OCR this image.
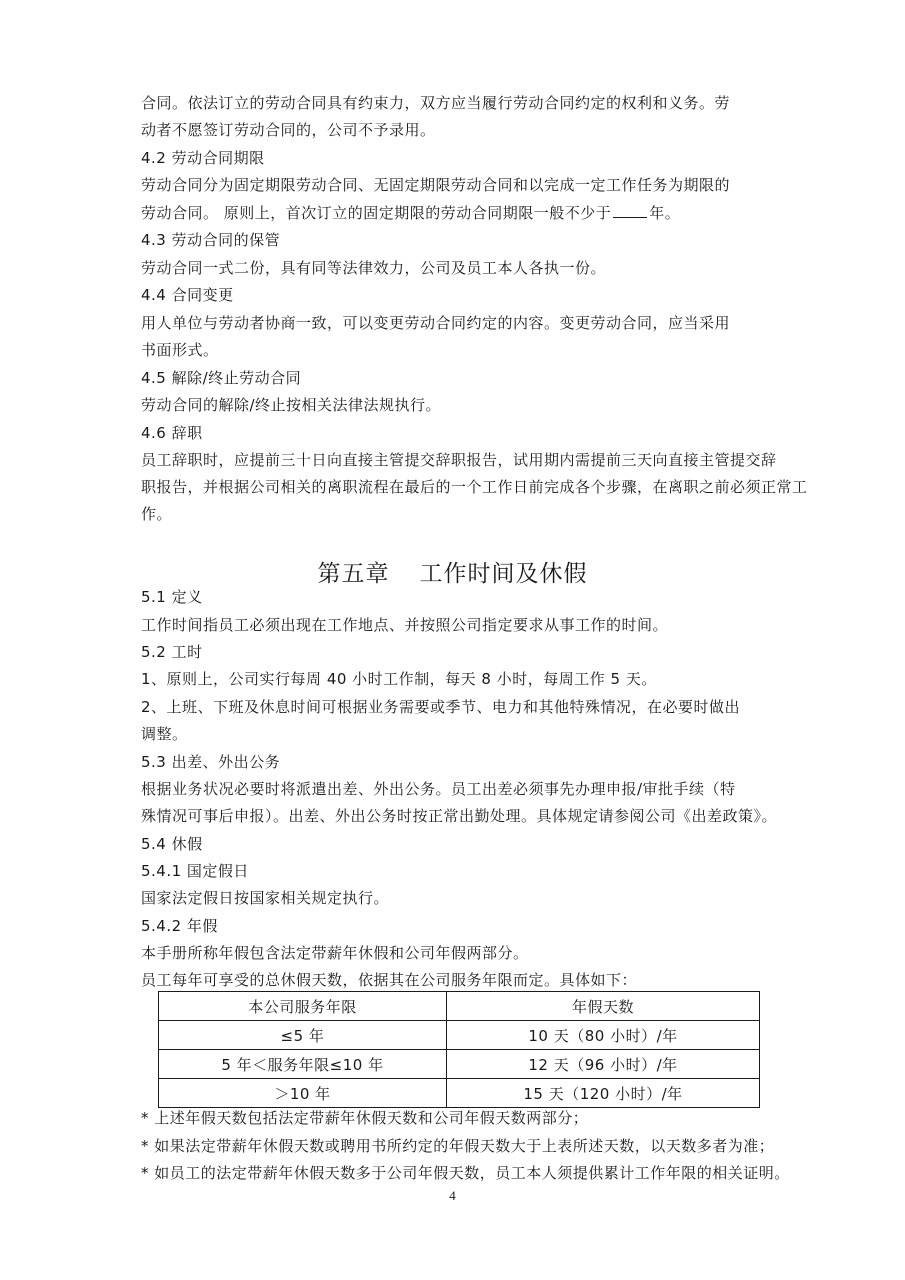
合同。依法订立的劳动合同具有约束力，双方应当履行劳动合同约定的权利和义务。劳
动者不愿签订劳动合同的，公司不予录用。
4.2 劳动合同期限
劳动合同分为固定期限劳动合同、无固定期限劳动合同和以完成一定工作任务为期限的
劳动合同。 原则上，首次订立的固定期限的劳动合同期限一般不少于	年。
4.3 劳动合同的保管
劳动合同一式二份，具有同等法律效力，公司及员工本人各执一份。
4.4 合同变更
用人单位与劳动者协商一致，可以变更劳动合同约定的内容。变更劳动合同，应当采用
书面形式。
4.5 解除/终止劳动合同
劳动合同的解除/终止按相关法律法规执行。
4.6 辞职
员工辞职时，应提前三十日向直接主管提交辞职报告，试用期内需提前三天向直接主管提交辞
职报告，并根据公司相关的离职流程在最后的一个工作日前完成各个步骤，在离职之前必须正常工
作。
第五章 工作时间及休假
5.1 定义
工作时间指员工必须出现在工作地点、并按照公司指定要求从事工作的时间。
5.2 工时
1、原则上，公司实行每周 40 小时工作制，每天 8 小时，每周工作 5 天。
2、上班、下班及休息时间可根据业务需要或季节、电力和其他特殊情况，在必要时做出
调整。
5.3 出差、外出公务
根据业务状况必要时将派遣出差、外出公务。员工出差必须事先办理申报/审批手续（特
殊情况可事后申报）。出差、外出公务时按正常出勤处理。具体规定请参阅公司《出差政策》。
5.4 休假
5.4.1 国定假日
国家法定假日按国家相关规定执行。
5.4.2 年假
本手册所称年假包含法定带薪年休假和公司年假两部分。
员工每年可享受的总休假天数，依据其在公司服务年限而定。具体如下：
本公司服务年限	年假天数
≤5 年	10 天（80 小时）/年
5 年＜服务年限≤10 年	12 天（96 小时）/年
＞10 年	15 天（120 小时）/年
* 上述年假天数包括法定带薪年休假天数和公司年假天数两部分；
* 如果法定带薪年休假天数或聘用书所约定的年假天数大于上表所述天数，以天数多者为准；
* 如员工的法定带薪年休假天数多于公司年假天数，员工本人须提供累计工作年限的相关证明。
4
